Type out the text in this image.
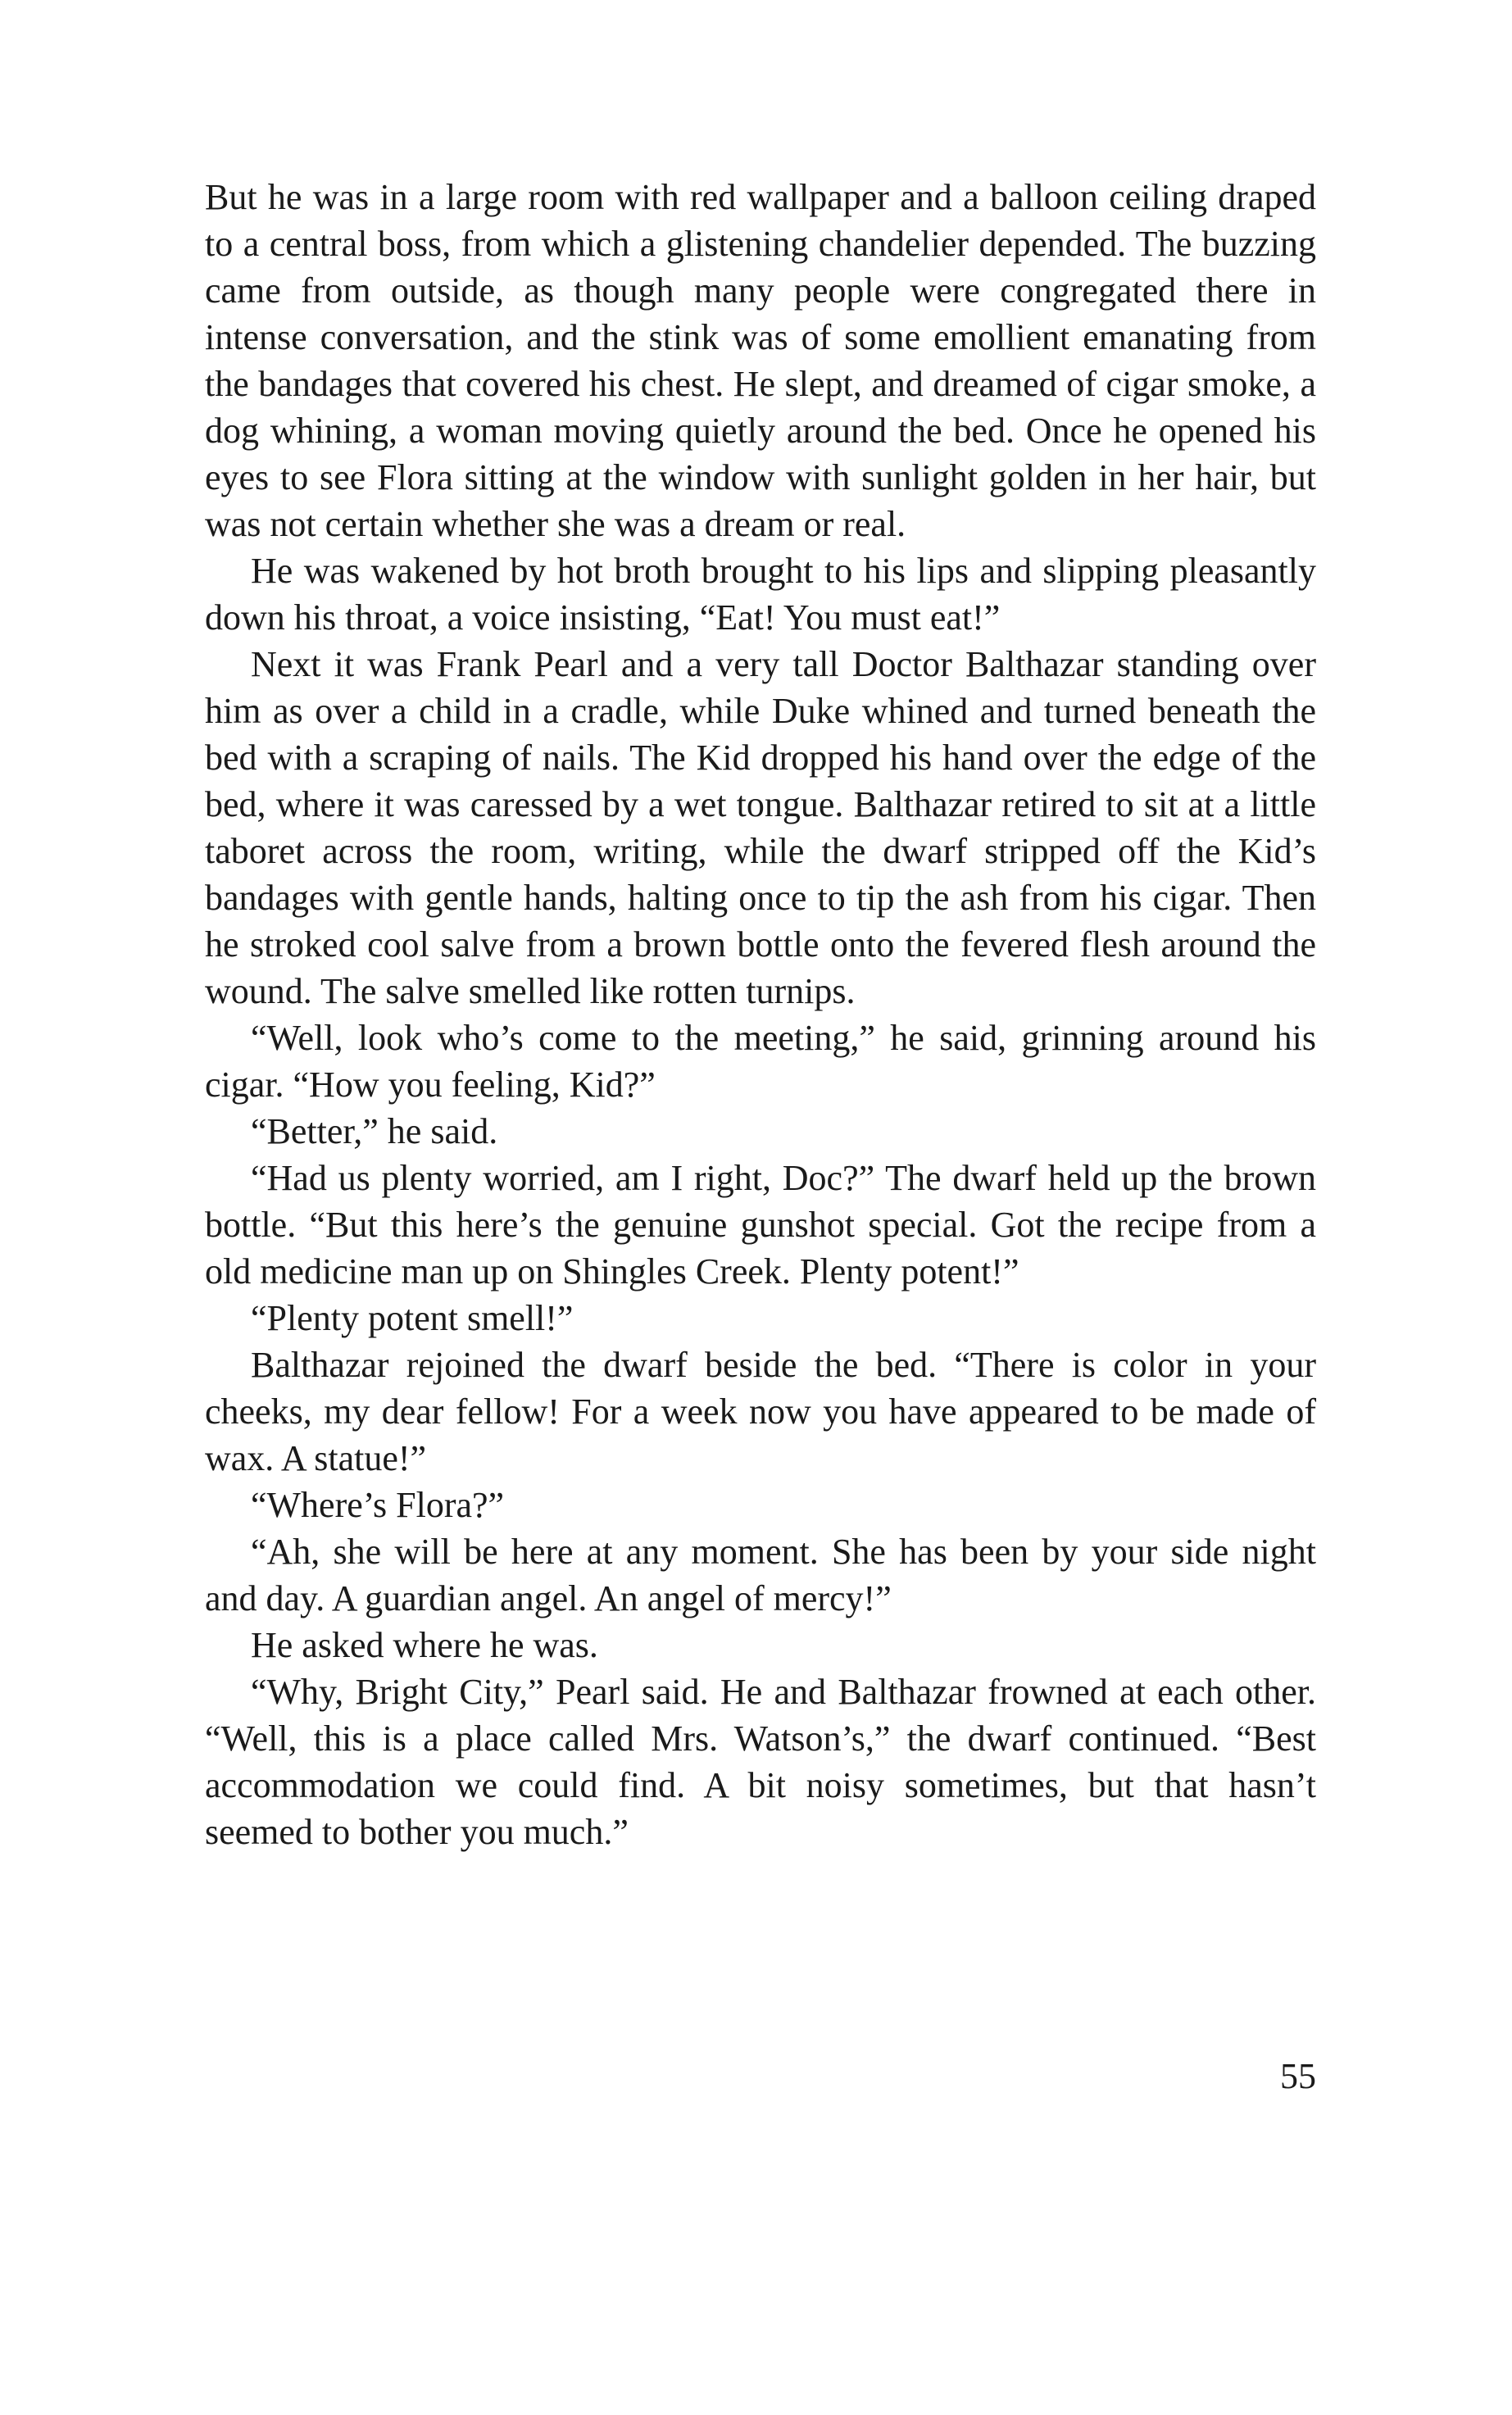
But he was in a large room with red wallpaper and a balloon ceiling draped to a central boss, from which a glistening chandelier depended. The buzzing came from outside, as though many people were congregated there in intense conversation, and the stink was of some emollient emanating from the bandages that covered his chest. He slept, and dreamed of cigar smoke, a dog whining, a woman moving quietly around the bed. Once he opened his eyes to see Flora sitting at the window with sunlight golden in her hair, but was not certain whether she was a dream or real.

He was wakened by hot broth brought to his lips and slipping pleasantly down his throat, a voice insisting, “Eat! You must eat!”

Next it was Frank Pearl and a very tall Doctor Balthazar standing over him as over a child in a cradle, while Duke whined and turned beneath the bed with a scraping of nails. The Kid dropped his hand over the edge of the bed, where it was caressed by a wet tongue. Balthazar retired to sit at a little taboret across the room, writing, while the dwarf stripped off the Kid’s bandages with gentle hands, halting once to tip the ash from his cigar. Then he stroked cool salve from a brown bottle onto the fevered flesh around the wound. The salve smelled like rotten turnips.

“Well, look who’s come to the meeting,” he said, grinning around his cigar. “How you feeling, Kid?”

“Better,” he said.

“Had us plenty worried, am I right, Doc?” The dwarf held up the brown bottle. “But this here’s the genuine gunshot special. Got the recipe from a old medicine man up on Shingles Creek. Plenty potent!”

“Plenty potent smell!”

Balthazar rejoined the dwarf beside the bed. “There is color in your cheeks, my dear fellow! For a week now you have appeared to be made of wax. A statue!”

“Where’s Flora?”

“Ah, she will be here at any moment. She has been by your side night and day. A guardian angel. An angel of mercy!”

He asked where he was.

“Why, Bright City,” Pearl said. He and Balthazar frowned at each other. “Well, this is a place called Mrs. Watson’s,” the dwarf continued. “Best accommodation we could find. A bit noisy sometimes, but that hasn’t seemed to bother you much.”

55
